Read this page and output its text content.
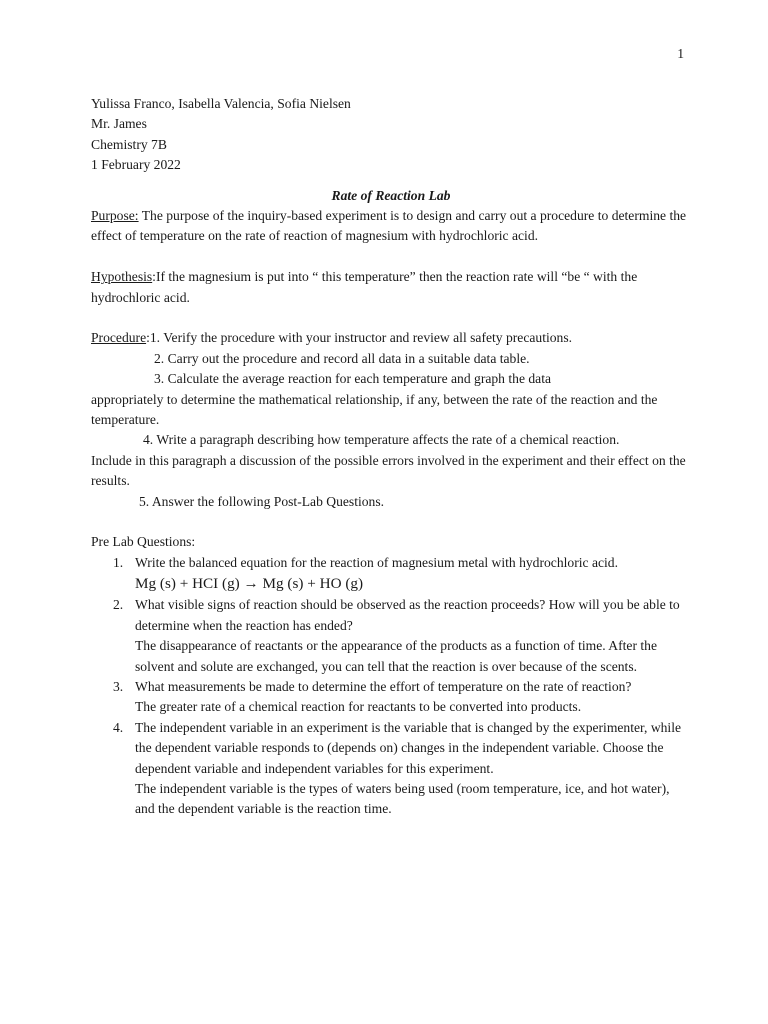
1
Yulissa Franco, Isabella Valencia, Sofia Nielsen
Mr. James
Chemistry 7B
1 February 2022
Rate of Reaction Lab

Purpose: The purpose of the inquiry-based experiment is to design and carry out a procedure to determine the effect of temperature on the rate of reaction of magnesium with hydrochloric acid.

Hypothesis:If the magnesium is put into “ this temperature” then the reaction rate will “be “ with the hydrochloric acid.

Procedure:1. Verify the procedure with your instructor and review all safety precautions.
2. Carry out the procedure and record all data in a suitable data table.
3. Calculate the average reaction for each temperature and graph the data
appropriately to determine the mathematical relationship, if any, between the rate of the reaction and the temperature.
4. Write a paragraph describing how temperature affects the rate of a chemical reaction.
Include in this paragraph a discussion of the possible errors involved in the experiment and their effect on the results.
5. Answer the following Post-Lab Questions.
Pre Lab Questions:
1. Write the balanced equation for the reaction of magnesium metal with hydrochloric acid.
Mg (s) + HCI (g) → Mg (s) + HO (g)
2. What visible signs of reaction should be observed as the reaction proceeds? How will you be able to determine when the reaction has ended?
The disappearance of reactants or the appearance of the products as a function of time. After the solvent and solute are exchanged, you can tell that the reaction is over because of the scents.
3. What measurements be made to determine the effort of temperature on the rate of reaction?
The greater rate of a chemical reaction for reactants to be converted into products.
4. The independent variable in an experiment is the variable that is changed by the experimenter, while the dependent variable responds to (depends on) changes in the independent variable. Choose the dependent variable and independent variables for this experiment.
The independent variable is the types of waters being used (room temperature, ice, and hot water), and the dependent variable is the reaction time.
